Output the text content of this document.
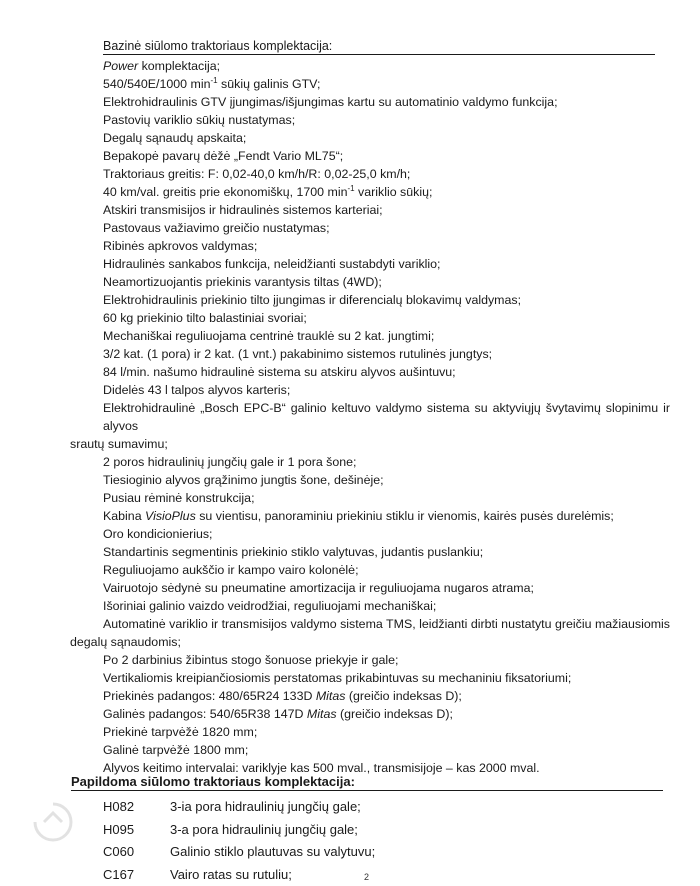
Bazinė siūlomo traktoriaus komplektacija:
Power komplektacija;
540/540E/1000 $\min^{-1}$ sūkių galinis GTV;
Elektrohidraulinis GTV įjungimas/išjungimas kartu su automatinio valdymo funkcija;
Pastovių variklio sūkių nustatymas;
Degalų sąnaudų apskaita;
Bepakopė pavarų dėžė „Fendt Vario ML75“;
Traktoriaus greitis: F: 0,02-40,0 km/h/R: 0,02-25,0 km/h;
40 km/val. greitis prie ekonomiškų, 1700 $\min^{-1}$ variklio sūkių;
Atskiri transmisijos ir hidraulinės sistemos karteriai;
Pastovaus važiavimo greičio nustatymas;
Ribinės apkrovos valdymas;
Hidraulinės sankabos funkcija, neleidžianti sustabdyti variklio;
Neamortizuojantis priekinis varantysis tiltas (4WD);
Elektrohidraulinis priekinio tilto įjungimas ir diferencialų blokavimų valdymas;
60 kg priekinio tilto balastiniai svoriai;
Mechaniškai reguliuojama centrinė trauklė su 2 kat. jungtimi;
3/2 kat. (1 pora) ir 2 kat. (1 vnt.) pakabinimo sistemos rutulinės jungtys;
84 l/min. našumo hidraulinė sistema su atskiru alyvos aušintuvu;
Didelės 43 l talpos alyvos karteris;
Elektrohidraulinė „Bosch EPC-B“ galinio keltuvo valdymo sistema su aktyviųjų švytavimų slopinimu ir alyvos
srautų sumavimu;
2 poros hidraulinių jungčių gale ir 1 pora šone;
Tiesioginio alyvos grąžinimo jungtis šone, dešinėje;
Pusiau rėminė konstrukcija;
Kabina VisioPlus su vientisu, panoraminiu priekiniu stiklu ir vienomis, kairės pusės durelėmis;
Oro kondicionierius;
Standartinis segmentinis priekinio stiklo valytuvas, judantis puslankiu;
Reguliuojamo aukščio ir kampo vairo kolonėlė;
Vairuotojo sėdynė su pneumatine amortizacija ir reguliuojama nugaros atrama;
Išoriniai galinio vaizdo veidrodžiai, reguliuojami mechaniškai;
Automatinė variklio ir transmisijos valdymo sistema TMS, leidžianti dirbti nustatytu greičiu mažiausiomis
degalų sąnaudomis;
Po 2 darbinius žibintus stogo šonuose priekyje ir gale;
Vertikaliomis kreipiančiosiomis perstatomas prikabintuvas su mechaniniu fiksatoriumi;
Priekinės padangos: 480/65R24 133D Mitas (greičio indeksas D);
Galinės padangos: 540/65R38 147D Mitas (greičio indeksas D);
Priekinė tarpvėžė 1820 mm;
Galinė tarpvėžė 1800 mm;
Alyvos keitimo intervalai: variklyje kas 500 mval., transmisijoje – kas 2000 mval.
Papildoma siūlomo traktoriaus komplektacija:
H082	3-ia pora hidraulinių jungčių gale;
H095	3-a pora hidraulinių jungčių gale;
C060	Galinio stiklo plautuvas su valytuvu;
C167	Vairo ratas su rutuliu;	2
